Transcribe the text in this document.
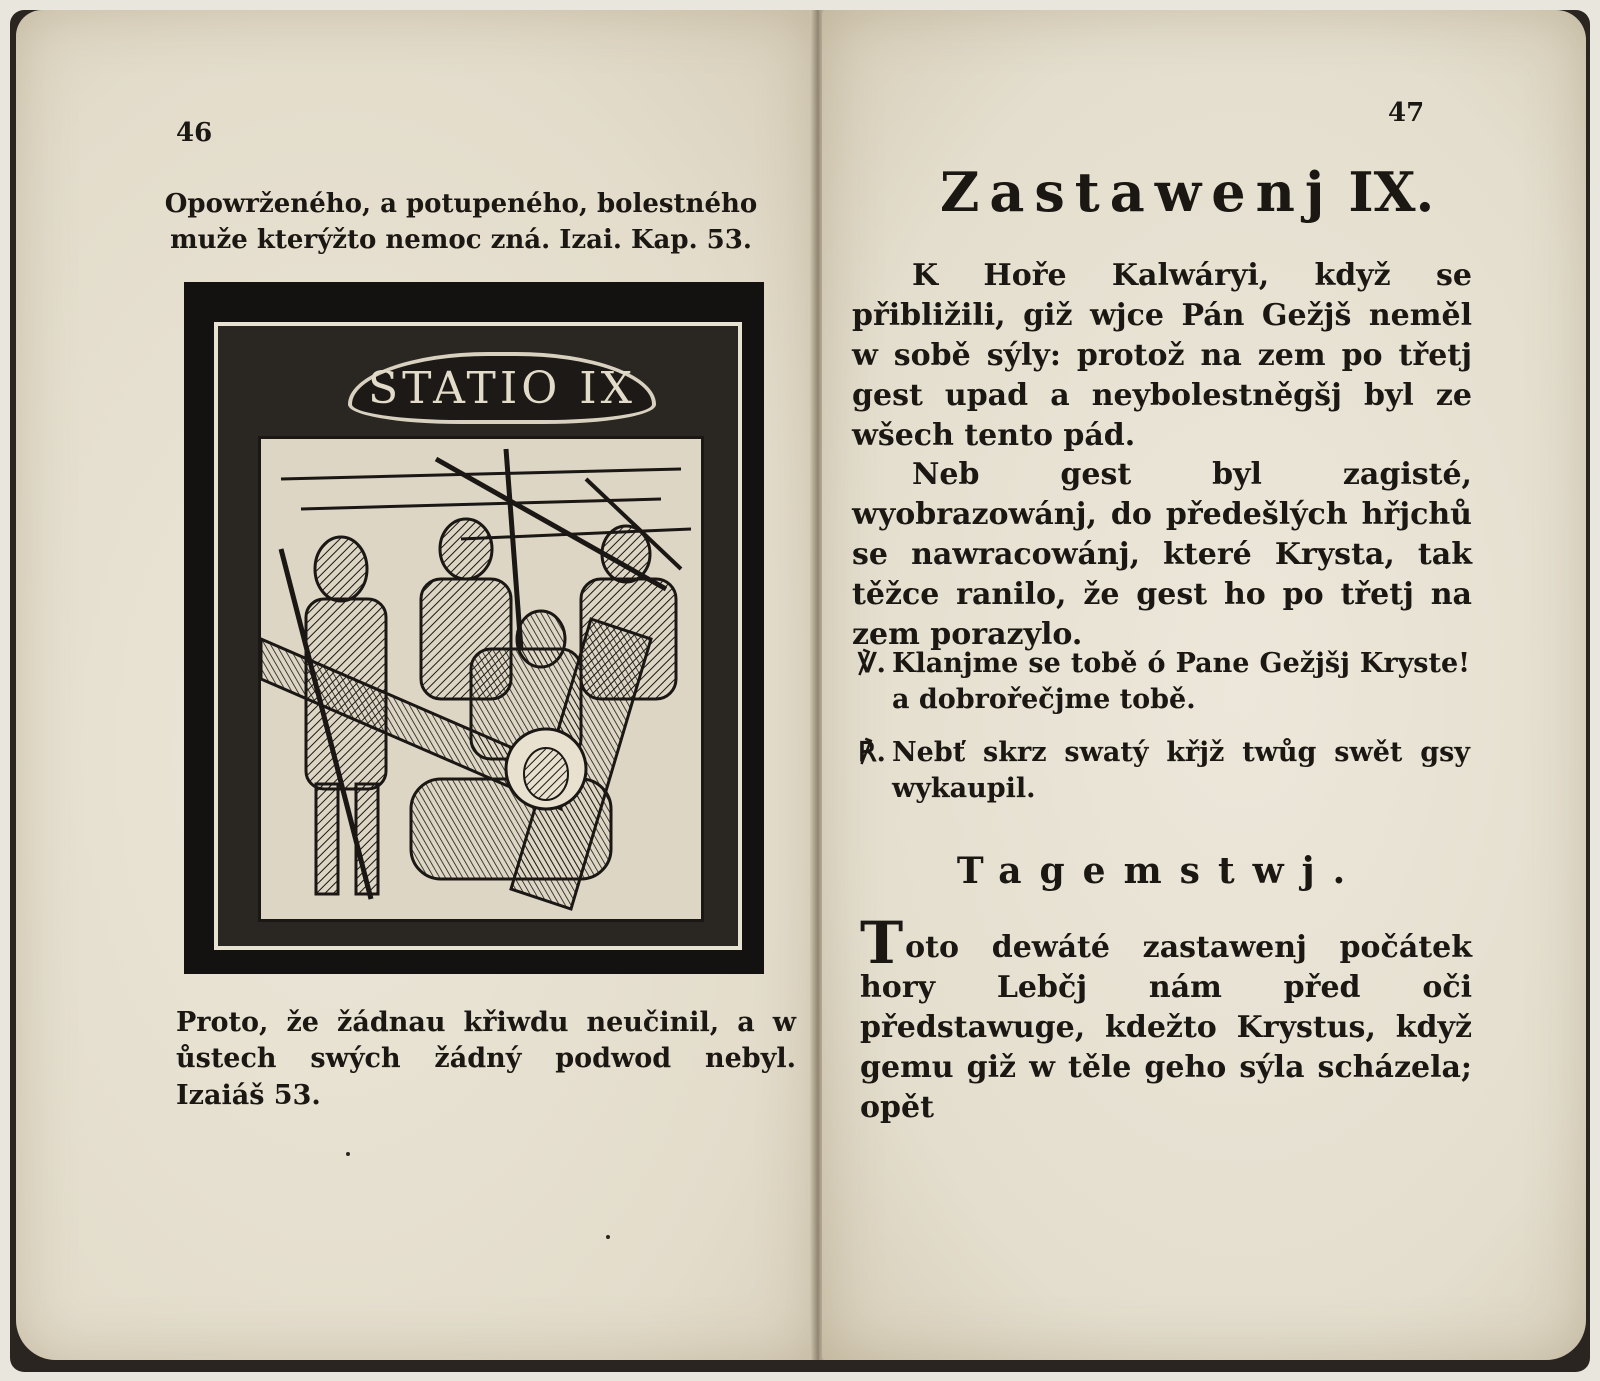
46
Opowrženého, a potupeného, bolestného muže kterýžto nemoc zná. Izai. Kap. 53.
STATIO IX
Proto, že žádnau křiwdu neučinil, a w ůstech swých žádný podwod nebyl. Izaiáš 53.
47
Zastawenj IX.
K Hoře Kalwáryi, když se přibližili, giž wjce Pán Gežjš neměl w sobě sýly: protož na zem po třetj gest upad a neybolestněgšj byl ze wšech tento pád.
Neb gest byl zagisté, wyobrazowánj, do předešlých hřjchů se nawracowánj, které Krysta, tak těžce ranilo, že gest ho po třetj na zem porazylo.
℣. Klanjme se tobě ó Pane Gežjšj Kryste! a dobrořečjme tobě.
℟. Nebť skrz swatý křjž twůg swět gsy wykaupil.
Tagemstwj.
Toto dewáté zastawenj počátek hory Lebčj nám před oči předstawuge, kdežto Krystus, když gemu giž w těle geho sýla scházela; opět
